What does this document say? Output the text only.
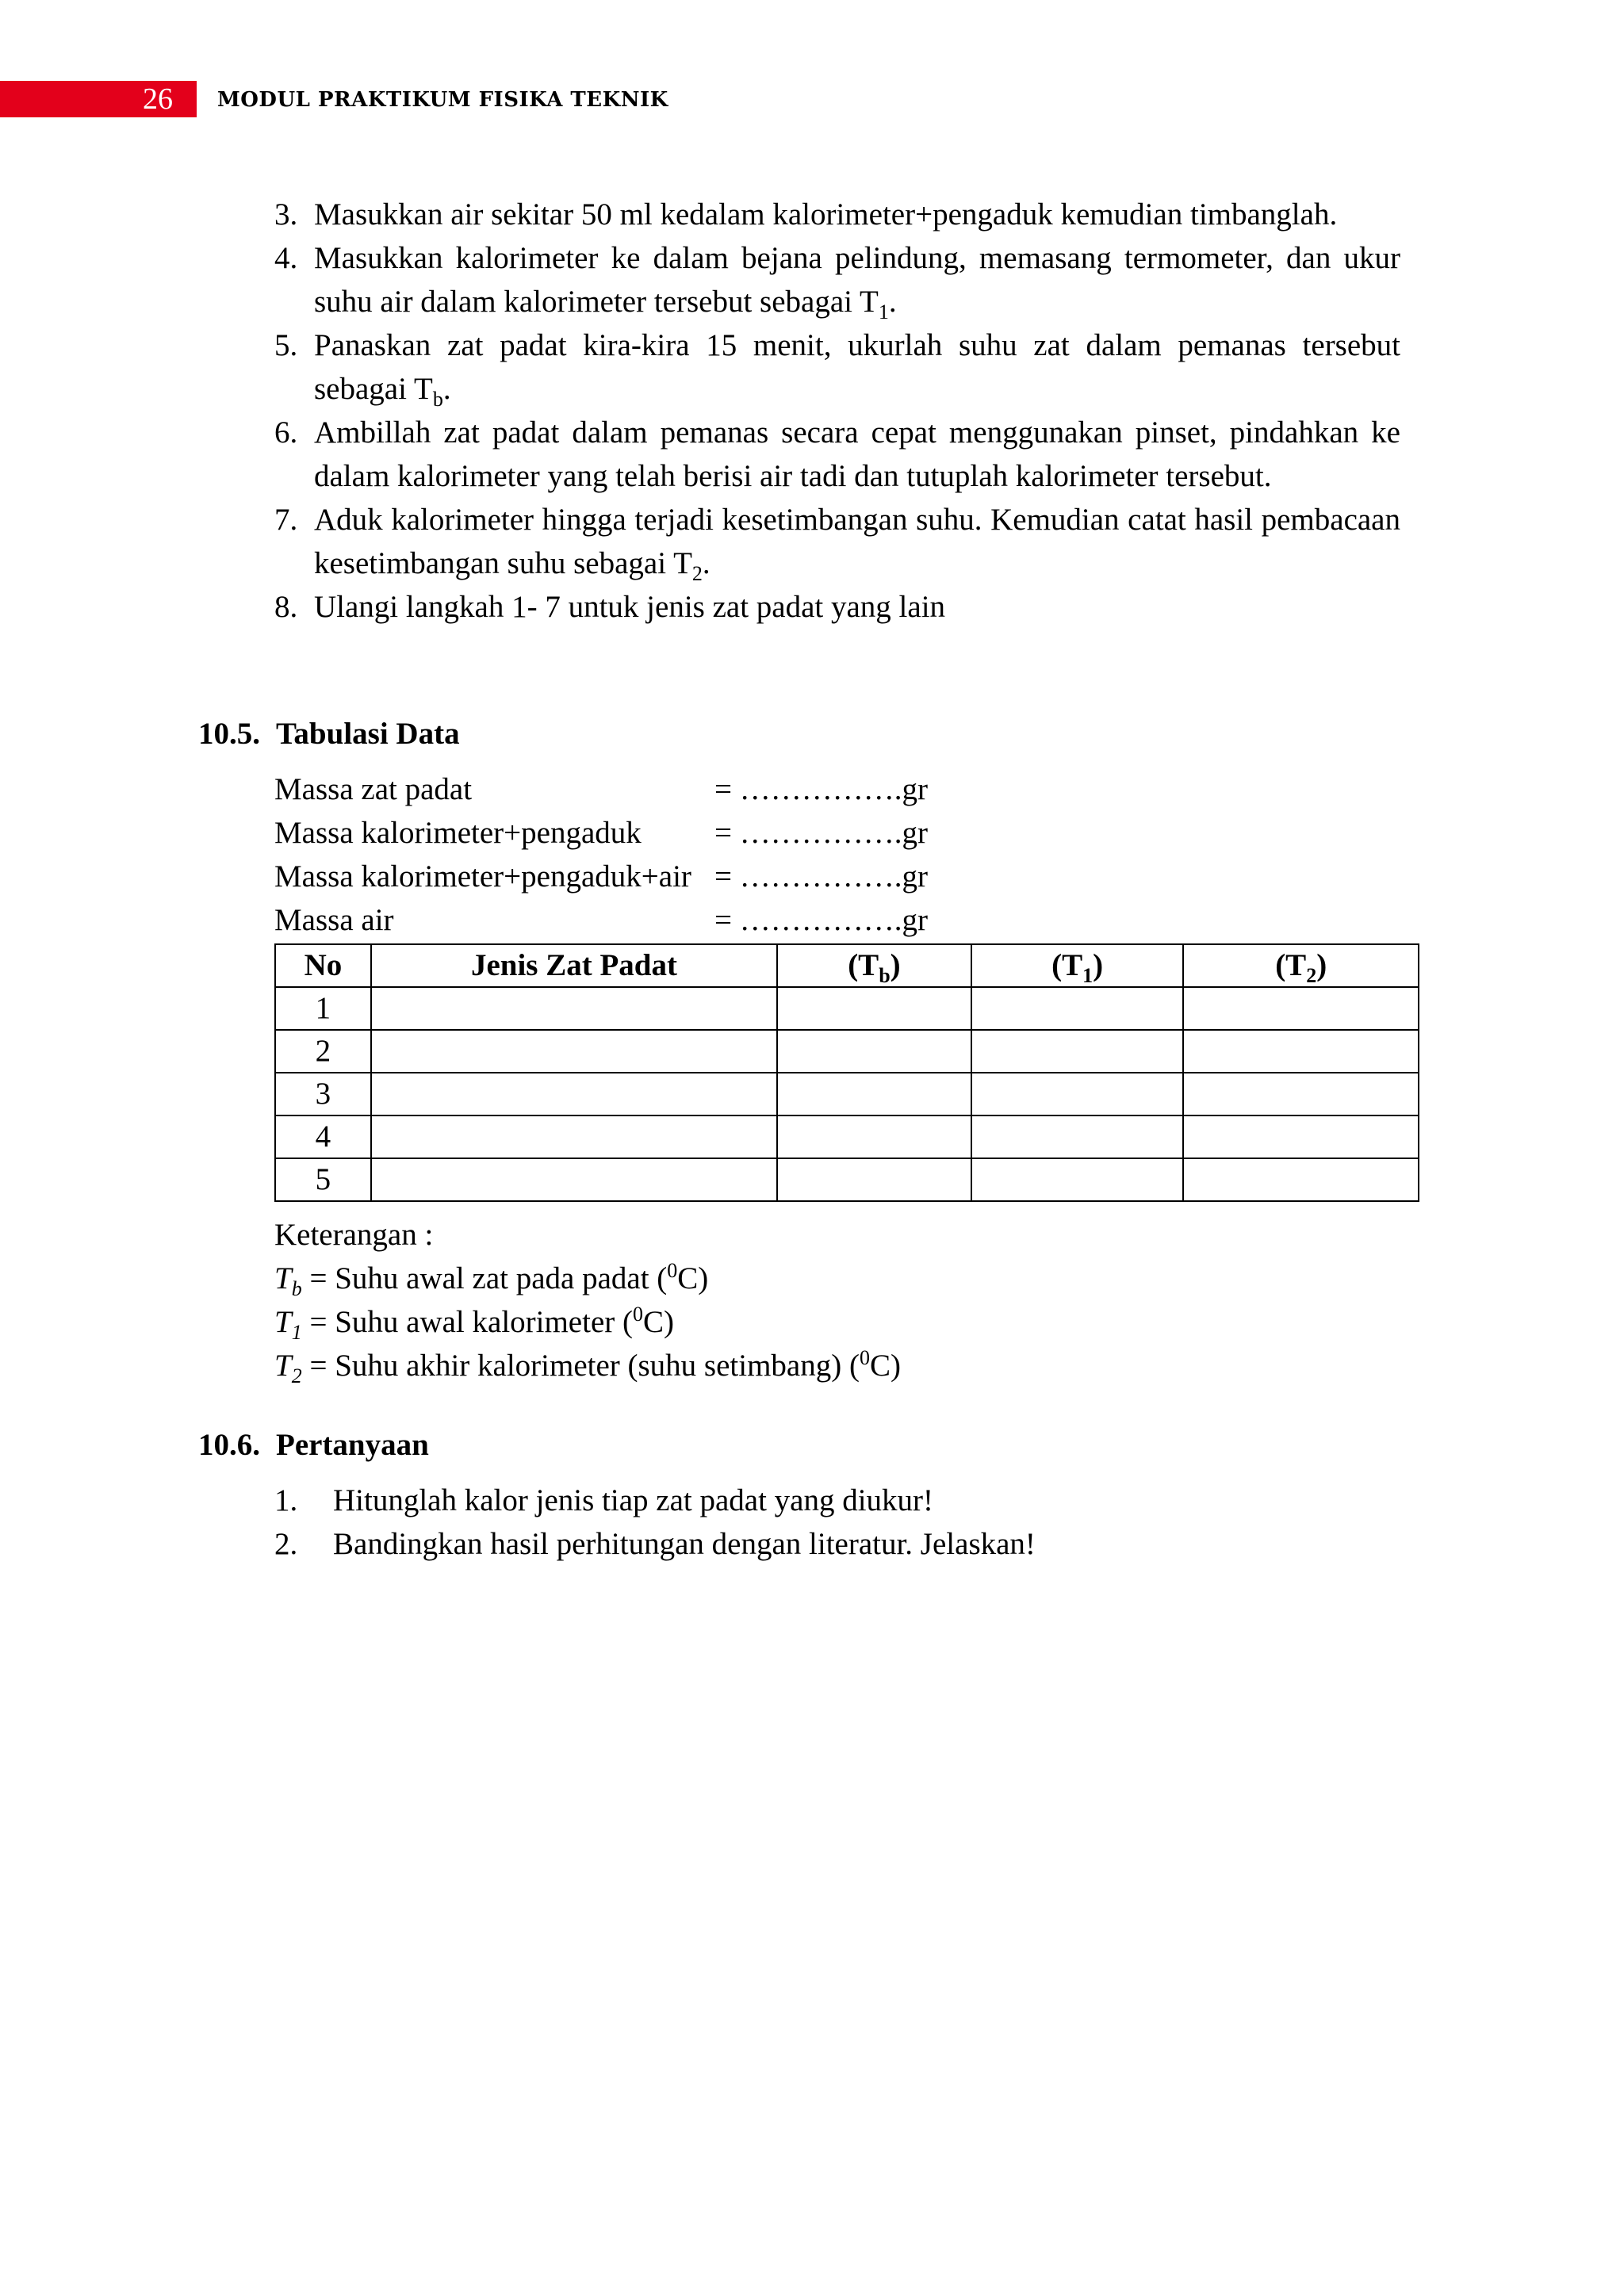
26 MODUL PRAKTIKUM FISIKA TEKNIK
3. Masukkan air sekitar 50 ml kedalam kalorimeter+pengaduk kemudian timbanglah.
4. Masukkan kalorimeter ke dalam bejana pelindung, memasang termometer, dan ukur suhu air dalam kalorimeter tersebut sebagai $T_1$.
5. Panaskan zat padat kira-kira 15 menit, ukurlah suhu zat dalam pemanas tersebut sebagai $T_b$.
6. Ambillah zat padat dalam pemanas secara cepat menggunakan pinset, pindahkan ke dalam kalorimeter yang telah berisi air tadi dan tutuplah kalorimeter tersebut.
7. Aduk kalorimeter hingga terjadi kesetimbangan suhu. Kemudian catat hasil pembacaan kesetimbangan suhu sebagai $T_2$.
8. Ulangi langkah 1- 7 untuk jenis zat padat yang lain
10.5. Tabulasi Data
Massa zat padat	= …………….gr
Massa kalorimeter+pengaduk = …………….gr
Massa kalorimeter+pengaduk+air = …………….gr
Massa air	= …………….gr
No	Jenis Zat Padat	$(T_b)$	$(T_1)$	$(T_2)$
1				
2				
3				
4				
5				
Keterangan :
$T_b$ = Suhu awal zat pada padat ($^0$C)
$T_1$ = Suhu awal kalorimeter ($^0$C)
$T_2$ = Suhu akhir kalorimeter (suhu setimbang) ($^0$C)
10.6. Pertanyaan
1. Hitunglah kalor jenis tiap zat padat yang diukur!
2. Bandingkan hasil perhitungan dengan literatur. Jelaskan!
